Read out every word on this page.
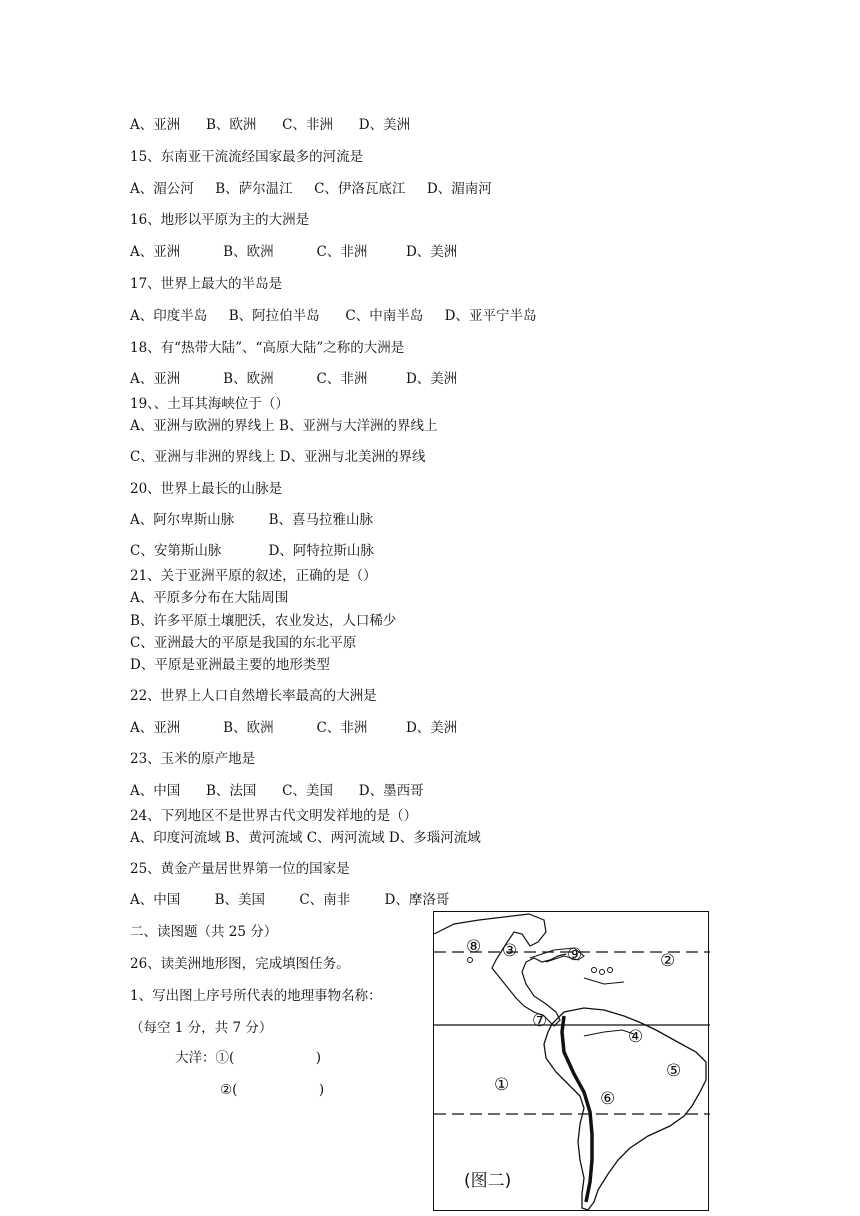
A、亚洲      B、欧洲      C、非洲      D、美洲
15、东南亚干流流经国家最多的河流是
A、湄公河     B、萨尔温江     C、伊洛瓦底江     D、湄南河
16、地形以平原为主的大洲是
A、亚洲          B、欧洲          C、非洲         D、美洲
17、世界上最大的半岛是
A、印度半岛     B、阿拉伯半岛      C、中南半岛     D、亚平宁半岛
18、有“热带大陆”、“高原大陆”之称的大洲是
A、亚洲          B、欧洲          C、非洲         D、美洲
19、、土耳其海峡位于（）
A、亚洲与欧洲的界线上 B、亚洲与大洋洲的界线上
C、亚洲与非洲的界线上 D、亚洲与北美洲的界线
20、世界上最长的山脉是
A、阿尔卑斯山脉        B、喜马拉雅山脉
C、安第斯山脉           D、阿特拉斯山脉
21、关于亚洲平原的叙述，正确的是（）
A、平原多分布在大陆周围
B、许多平原土壤肥沃，农业发达，人口稀少
C、亚洲最大的平原是我国的东北平原
D、平原是亚洲最主要的地形类型
22、世界上人口自然增长率最高的大洲是
A、亚洲          B、欧洲          C、非洲         D、美洲
23、玉米的原产地是
A、中国      B、法国      C、美国      D、墨西哥
24、下列地区不是世界古代文明发祥地的是（）
A、印度河流域 B、黄河流域 C、两河流域 D、多瑙河流域
25、黄金产量居世界第一位的国家是
A、中国        B、美国        C、南非        D、摩洛哥
二、读图题（共 25 分）
26、读美洲地形图，完成填图任务。
1、写出图上序号所代表的地理事物名称：
（每空 1 分，共 7 分）
大洋：①(                   )
②(                   )	①
②
③
④
⑤
⑥
⑦
⑧	⑨
(图二)
